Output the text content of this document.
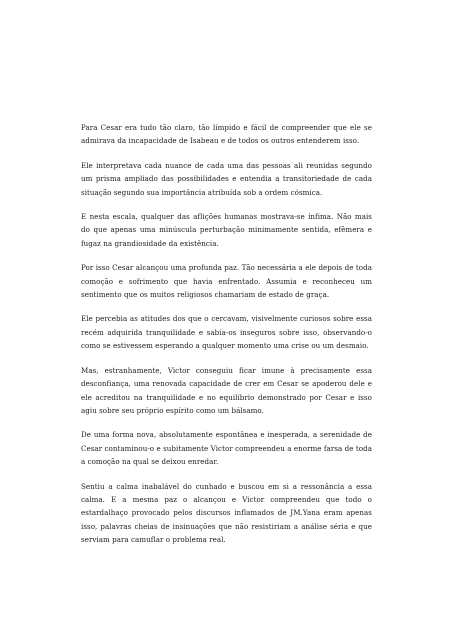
Para Cesar era tudo tão claro, tão límpido e fácil de compreender que ele se admirava da incapacidade de Isabeau e de todos os outros entenderem isso.

Ele interpretava cada nuance de cada uma das pessoas ali reunidas segundo um prisma ampliado das possibilidades e entendia a transitoriedade de cada situação segundo sua importância atribuída sob a ordem cósmica.

E nesta escala, qualquer das aflições humanas mostrava-se ínfima. Não mais do que apenas uma minúscula perturbação minimamente sentida, efêmera e fugaz na grandiosidade da existência.

Por isso Cesar alcançou uma profunda paz. Tão necessária a ele depois de toda comoção e sofrimento que havia enfrentado. Assumia e reconheceu um sentimento que os muitos religiosos chamariam de estado de graça.

Ele percebia as atitudes dos que o cercavam, visivelmente curiosos sobre essa recém adquirida tranquilidade e sabia-os inseguros sobre isso, observando-o como se estivessem esperando a qualquer momento uma crise ou um desmaio.

Mas, estranhamente, Victor conseguiu ficar imune à precisamente essa desconfiança, uma renovada capacidade de crer em Cesar se apoderou dele e ele acreditou na tranquilidade e no equilíbrio demonstrado por Cesar e isso agiu sobre seu próprio espírito como um bálsamo.

De uma forma nova, absolutamente espontânea e inesperada, a serenidade de Cesar contaminou-o e subitamente Victor compreendeu a enorme farsa de toda a comoção na qual se deixou enredar.

Sentiu a calma inabalável do cunhado e buscou em si a ressonância a essa calma. E a mesma paz o alcançou e Victor compreendeu que todo o estardalhaço provocado pelos discursos inflamados de JM.Yana eram apenas isso, palavras cheias de insinuações que não resistiriam a análise séria e que serviam para camuflar o problema real.
